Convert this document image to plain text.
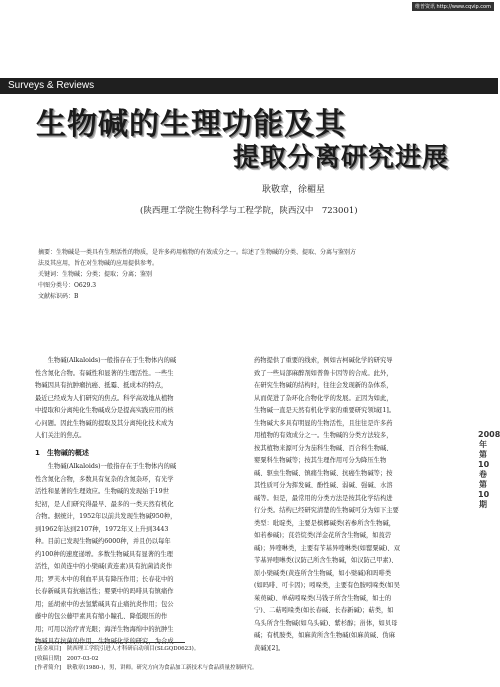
维普资讯 http://www.cqvip.com
Surveys & Reviews
生物碱的生理功能及其
提取分离研究进展
耿敬章，徐楣星
(陕西理工学院生物科学与工程学院，陕西汉中　723001)
摘要：生物碱是一类具有生理活性的物质，是许多药用植物的有效成分之一。综述了生物碱的分类、提取、分离与鉴别方
法及其应用，旨在对生物碱的应用提供参考。
关键词：生物碱；分类；提取；分离；鉴别
中图分类号：O629.3
文献标识码：B

　　生物碱(Alkaloids)一般指存在于生物体内的碱

性含氮化合物。有碱性和显著的生理活性。一些生

物碱因具有抗肿瘤抗癌、抵霉、抵成本的特点，

最近已经成为人们研究的焦点。科学高效地从植物

中提取和分离纯化生物碱成分是提高实践应用的核

心问题。因此生物碱的提取及其分离纯化技术成为

人们关注的焦点。

1　生物碱的概述

　　生物碱(Alkaloids)一般指存在于生物体内的碱

性含氮化合物，多数具有复杂的含氮杂环，有光学

活性和显著的生理效应。生物碱的发现始于19世

纪初，是人们研究得最早、最多的一类天然有机化

合物。据统计，1952年以前共发现生物碱950种，

到1962年达到2107种，1972年又上升到3443

种。目前已发现生物碱约6000种，并且仍以每年

约100种的速度递增。多数生物碱具有显著的生理

活性，如黄连中的小檗碱(黄连素)具有抗菌消炎作

用；罗芙木中的利血平具有降压作用；长春花中的

长春新碱具有抗癌活性；婴粟中的吗啡具有镇痛作

用；延胡索中的去氢紫碱具有止痛抗炎作用；包公

藤中的包公藤甲素具有缩小瞳孔、降低眼压的作

用；可用以治疗青光眼；海洋生物海绵中的抗肿生

物碱具有抗菌的作用。生物碱化学的研究，为合成

药物提供了重要的线索，例如古柯碱化学的研究导

致了一些局部麻醉剂如普鲁卡因等的合成。此外，

在研究生物碱的结构时，往往会发现新的杂体系，

从而促进了杂环化合物化学的发展。正因为如此，

生物碱一直是天然有机化学家的重要研究领域[1]。

生物碱大多具有明显的生物活性，且往往是许多药

用植物的有效成分之一。生物碱的分类方法较多，

按其植物来源可分为茄科生物碱、百合科生物碱、

婴粟科生物碱等；按其生理作用可分为降压生物

碱、驱虫生物碱、镇痛生物碱、抗癌生物碱等；按

其性质可分为挥发碱、酚性碱、弱碱、强碱、水溶

碱等。但是，最常用的分类方法是按其化学结构进

行分类。结构已经研究清楚的生物碱可分为如下主要

类型：吡啶类，主要是槟榔碱类(若参所含生物碱，

如若参碱)；茛菪烷类(洋金花所含生物碱，如莨菪

碱)；异喹啉类，主要有苄基异喹啉类(如罂粟碱)、双

苄基异喹啉类(汉防己所含生物碱，如汉防己甲素)、

原小檗碱类(黄连所含生物碱，如小檗碱)和吗啡类

(如吗啡、可卡因)；吲哚类，主要有色胺吲哚类(如吴

茱萸碱)、单萜吲哚类(马钱子所含生物碱，如士的

宁)、二萜吲哚类(如长春碱、长春新碱)；萜类，如

乌头所含生物碱(如乌头碱)、紫杉醇；甾体，如贝母

碱；有机胺类，如麻黄所含生物碱(如麻黄碱、伪麻

黄碱)[2]。

[基金项目]　陕西理工学院引进人才科研启动项目(SLGQD0623)。
[收稿日期]　2007-03-02
[作者简介]　耿敬章(1980-)，男，讲师。研究方向为食品加工新技术与食品质量控制研究。
2008年 第10卷 第10期
